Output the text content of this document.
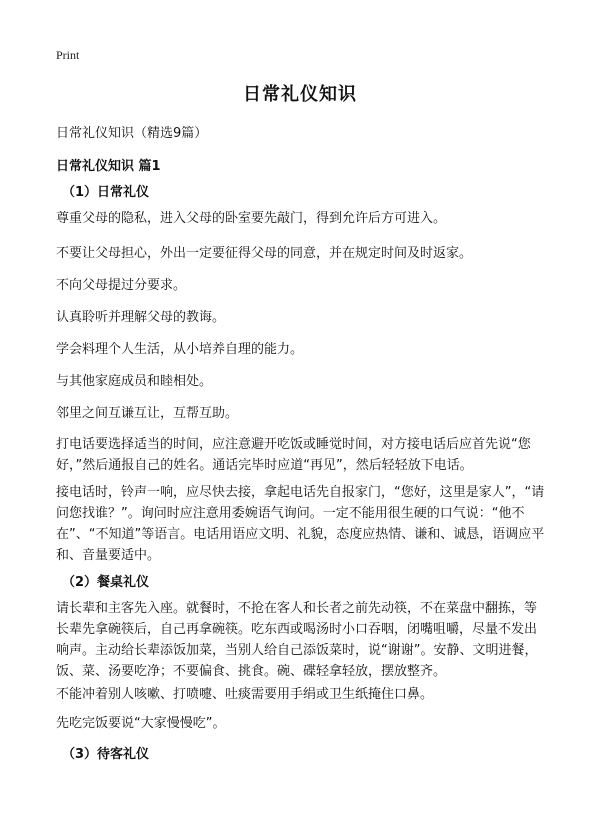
Print
日常礼仪知识
日常礼仪知识（精选9篇）
日常礼仪知识 篇1
（1）日常礼仪

尊重父母的隐私，进入父母的卧室要先敲门，得到允许后方可进入。

不要让父母担心，外出一定要征得父母的同意，并在规定时间及时返家。

不向父母提过分要求。

认真聆听并理解父母的教诲。

学会料理个人生活，从小培养自理的能力。

与其他家庭成员和睦相处。

邻里之间互谦互让，互帮互助。

打电话要选择适当的时间，应注意避开吃饭或睡觉时间，对方接电话后应首先说“您好，”然后通报自己的姓名。通话完毕时应道“再见”，然后轻轻放下电话。

接电话时，铃声一响，应尽快去接，拿起电话先自报家门，“您好，这里是家人”，“请问您找谁？”。询问时应注意用委婉语气询问。一定不能用很生硬的口气说：“他不在”、“不知道”等语言。电话用语应文明、礼貌，态度应热情、谦和、诚恳，语调应平和、音量要适中。

（2）餐桌礼仪

请长辈和主客先入座。就餐时，不抢在客人和长者之前先动筷，不在菜盘中翻拣，等长辈先拿碗筷后，自己再拿碗筷。吃东西或喝汤时小口吞咽，闭嘴咀嚼，尽量不发出响声。主动给长辈添饭加菜，当别人给自己添饭菜时，说“谢谢”。安静、文明进餐，饭、菜、汤要吃净；不要偏食、挑食。碗、碟轻拿轻放，摆放整齐。

不能冲着别人咳嗽、打喷嚏、吐痰需要用手绢或卫生纸掩住口鼻。

先吃完饭要说“大家慢慢吃”。

（3）待客礼仪
